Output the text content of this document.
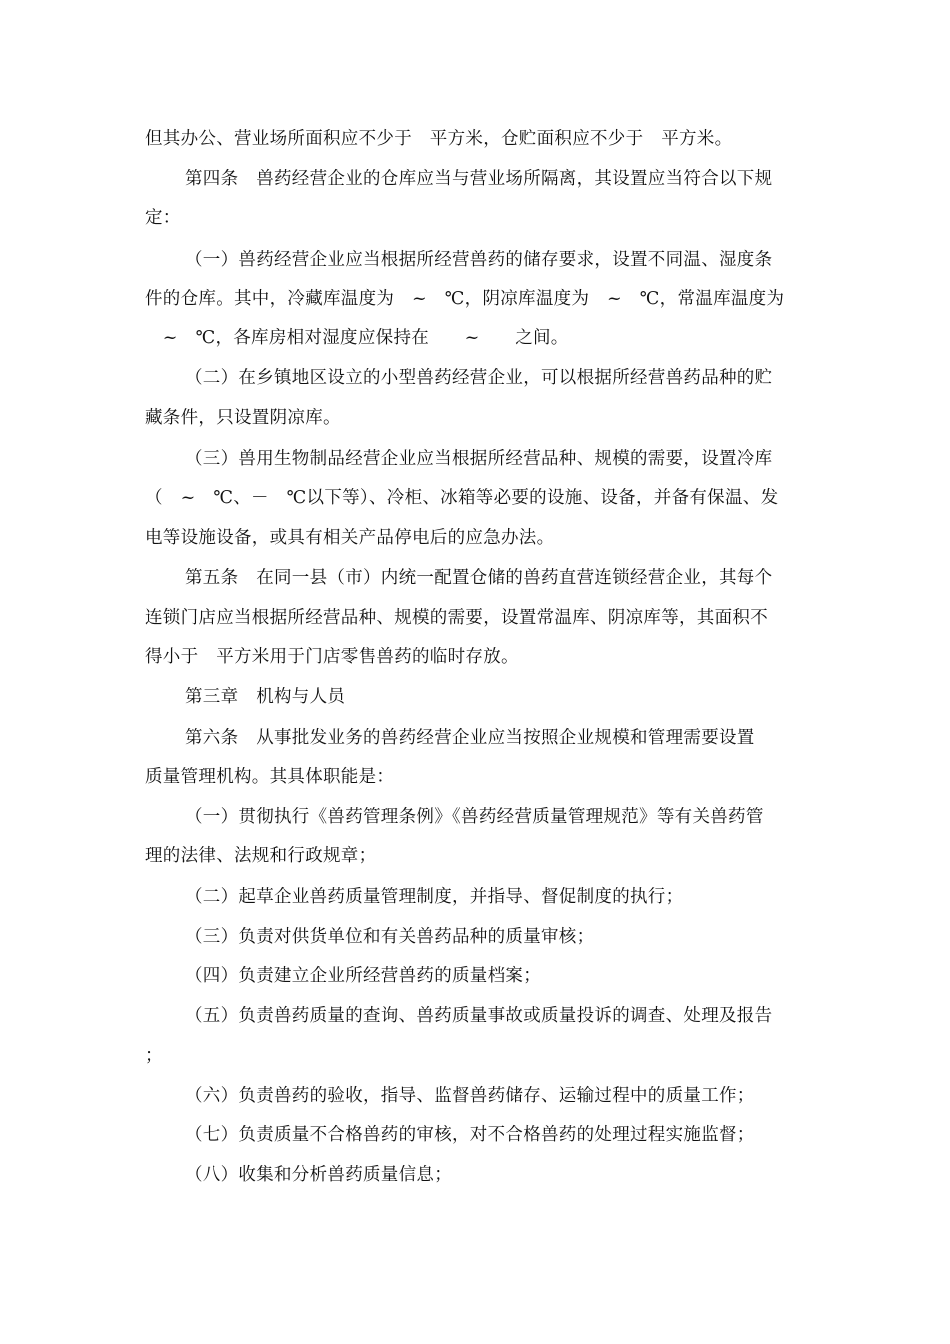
但其办公、营业场所面积应不少于　平方米，仓贮面积应不少于　平方米。
第四条　兽药经营企业的仓库应当与营业场所隔离，其设置应当符合以下规
定：
（一）兽药经营企业应当根据所经营兽药的储存要求，设置不同温、湿度条
件的仓库。其中，冷藏库温度为　~　℃，阴凉库温度为　~　℃，常温库温度为
　~　℃，各库房相对湿度应保持在　　~　　之间。
（二）在乡镇地区设立的小型兽药经营企业，可以根据所经营兽药品种的贮
藏条件，只设置阴凉库。
（三）兽用生物制品经营企业应当根据所经营品种、规模的需要，设置冷库
（　~　℃、－　℃以下等）、冷柜、冰箱等必要的设施、设备，并备有保温、发
电等设施设备，或具有相关产品停电后的应急办法。
第五条　在同一县（市）内统一配置仓储的兽药直营连锁经营企业，其每个
连锁门店应当根据所经营品种、规模的需要，设置常温库、阴凉库等，其面积不
得小于　平方米用于门店零售兽药的临时存放。
第三章　机构与人员
第六条　从事批发业务的兽药经营企业应当按照企业规模和管理需要设置
质量管理机构。其具体职能是：
（一）贯彻执行《兽药管理条例》《兽药经营质量管理规范》等有关兽药管
理的法律、法规和行政规章；
（二）起草企业兽药质量管理制度，并指导、督促制度的执行；
（三）负责对供货单位和有关兽药品种的质量审核；
（四）负责建立企业所经营兽药的质量档案；
（五）负责兽药质量的查询、兽药质量事故或质量投诉的调查、处理及报告
；
（六）负责兽药的验收，指导、监督兽药储存、运输过程中的质量工作；
（七）负责质量不合格兽药的审核，对不合格兽药的处理过程实施监督；
（八）收集和分析兽药质量信息；
